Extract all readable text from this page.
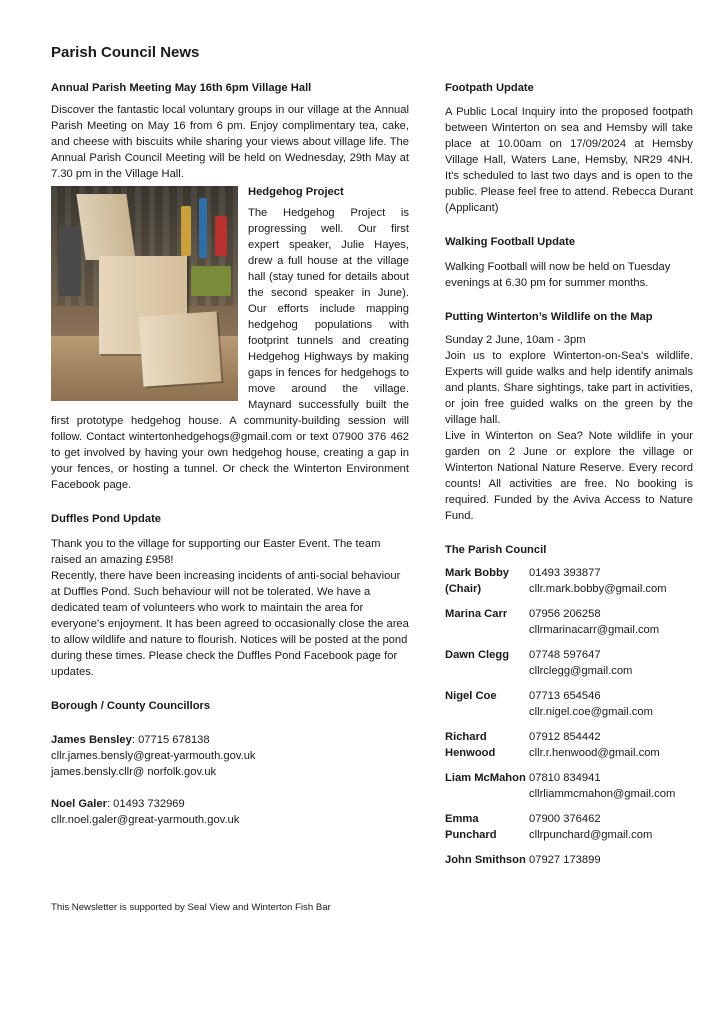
Parish Council News
Annual Parish Meeting May 16th 6pm Village Hall

Discover the fantastic local voluntary groups in our village at the Annual Parish Meeting on May 16 from 6 pm. Enjoy complimentary tea, cake, and cheese with biscuits while sharing your views about village life. The Annual Parish Council Meeting will be held on Wednesday, 29th May at 7.30 pm in the Village Hall.

Hedgehog Project

The Hedgehog Project is progressing well. Our first expert speaker, Julie Hayes, drew a full house at the village hall (stay tuned for details about the second speaker in June). Our efforts include mapping hedgehog populations with footprint tunnels and creating Hedgehog Highways by making gaps in fences for hedgehogs to move around the village. Maynard successfully built the first prototype hedgehog house. A community-building session will follow. Contact wintertonhedgehogs@gmail.com or text 07900 376 462 to get involved by having your own hedgehog house, creating a gap in your fences, or hosting a tunnel. Or check the Winterton Environment Facebook page.

Duffles Pond Update

Thank you to the village for supporting our Easter Event. The team raised an amazing £958!

Recently, there have been increasing incidents of anti-social behaviour at Duffles Pond. Such behaviour will not be tolerated. We have a dedicated team of volunteers who work to maintain the area for everyone's enjoyment. It has been agreed to occasionally close the area to allow wildlife and nature to flourish. Notices will be posted at the pond during these times. Please check the Duffles Pond Facebook page for updates.

Borough / County Councillors

James Bensley: 07715 678138

cllr.james.bensly@great-yarmouth.gov.uk

james.bensly.cllr@ norfolk.gov.uk

Noel Galer: 01493 732969

cllr.noel.galer@great-yarmouth.gov.uk

This Newsletter is supported by Seal View and Winterton Fish Bar

Footpath Update

A Public Local Inquiry into the proposed footpath between Winterton on sea and Hemsby will take place at 10.00am on 17/09/2024 at Hemsby Village Hall, Waters Lane, Hemsby, NR29 4NH. It's scheduled to last two days and is open to the public. Please feel free to attend. Rebecca Durant (Applicant)

Walking Football Update

Walking Football will now be held on Tuesday evenings at 6.30 pm for summer months.

Putting Winterton’s Wildlife on the Map

Sunday 2 June, 10am - 3pm

Join us to explore Winterton-on-Sea's wildlife. Experts will guide walks and help identify animals and plants. Share sightings, take part in activities, or join free guided walks on the green by the village hall.

Live in Winterton on Sea? Note wildlife in your garden on 2 June or explore the village or Winterton National Nature Reserve. Every record counts! All activities are free. No booking is required. Funded by the Aviva Access to Nature Fund.

The Parish Council
Mark Bobby (Chair)	01493 393877
cllr.mark.bobby@gmail.com

Marina Carr	07956 206258
cllrmarinacarr@gmail.com

Dawn Clegg	07748 597647
cllrclegg@gmail.com

Nigel Coe	07713 654546
cllr.nigel.coe@gmail.com

Richard Henwood	07912 854442
cllr.r.henwood@gmail.com

Liam McMahon	07810 834941
cllrliammcmahon@gmail.com

Emma Punchard	07900 376462
cllrpunchard@gmail.com

John Smithson	07927 173899
